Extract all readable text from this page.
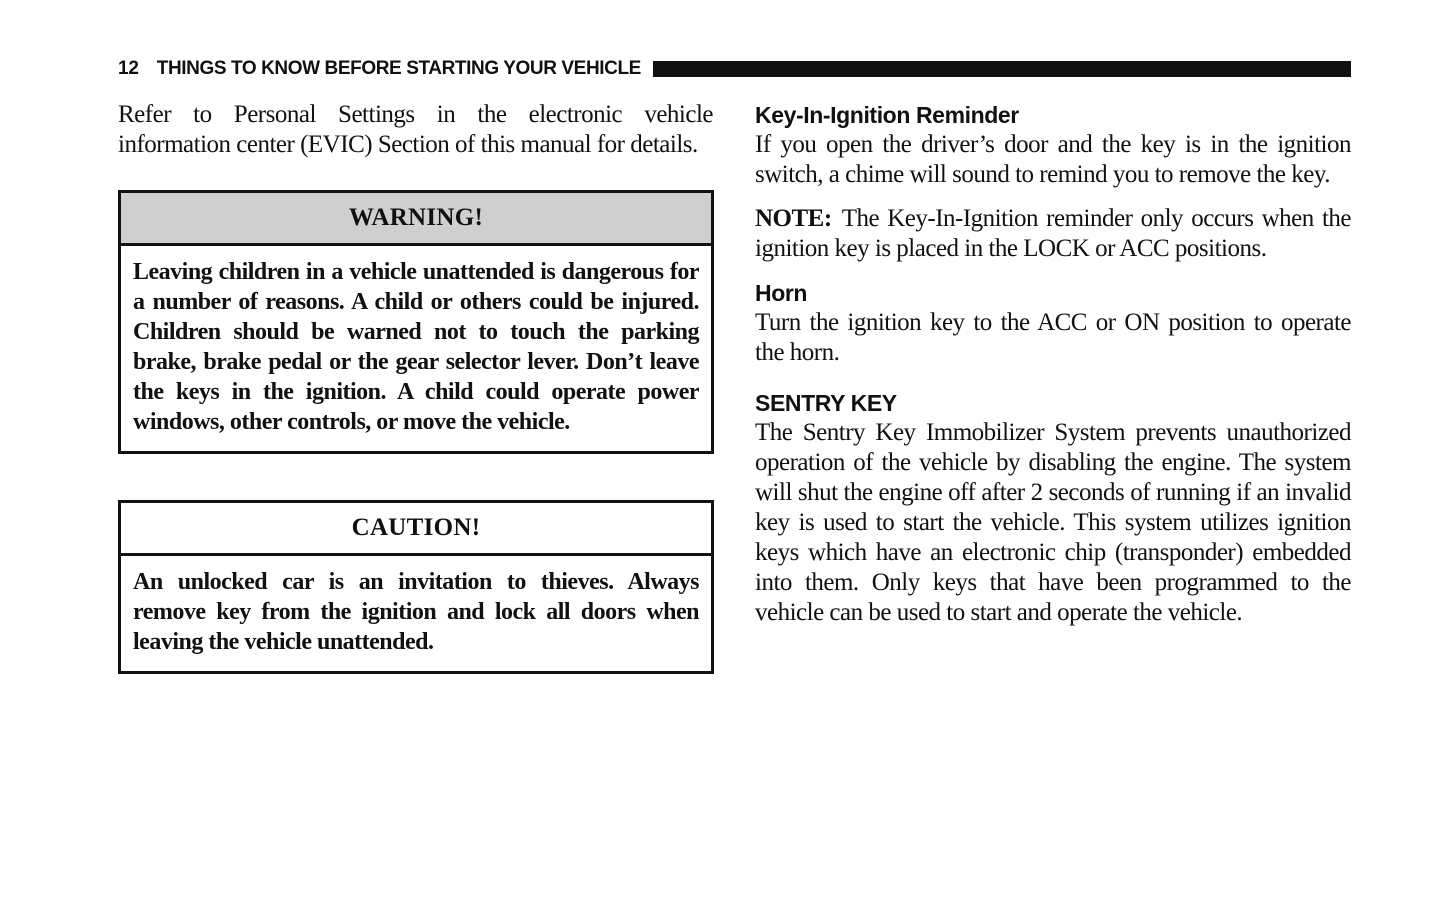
12 THINGS TO KNOW BEFORE STARTING YOUR VEHICLE

Refer to Personal Settings in the electronic vehicle information center (EVIC) Section of this manual for details.

WARNING!
Leaving children in a vehicle unattended is dangerous for a number of reasons. A child or others could be injured. Children should be warned not to touch the parking brake, brake pedal or the gear selector lever. Don’t leave the keys in the ignition. A child could operate power windows, other controls, or move the vehicle.
CAUTION!
An unlocked car is an invitation to thieves. Always remove key from the ignition and lock all doors when leaving the vehicle unattended.
Key-In-Ignition Reminder

If you open the driver’s door and the key is in the ignition switch, a chime will sound to remind you to remove the key.

NOTE: The Key-In-Ignition reminder only occurs when the ignition key is placed in the LOCK or ACC positions.

Horn

Turn the ignition key to the ACC or ON position to operate the horn.

SENTRY KEY

The Sentry Key Immobilizer System prevents unauthorized operation of the vehicle by disabling the engine. The system will shut the engine off after 2 seconds of running if an invalid key is used to start the vehicle. This system utilizes ignition keys which have an electronic chip (transponder) embedded into them. Only keys that have been programmed to the vehicle can be used to start and operate the vehicle.
